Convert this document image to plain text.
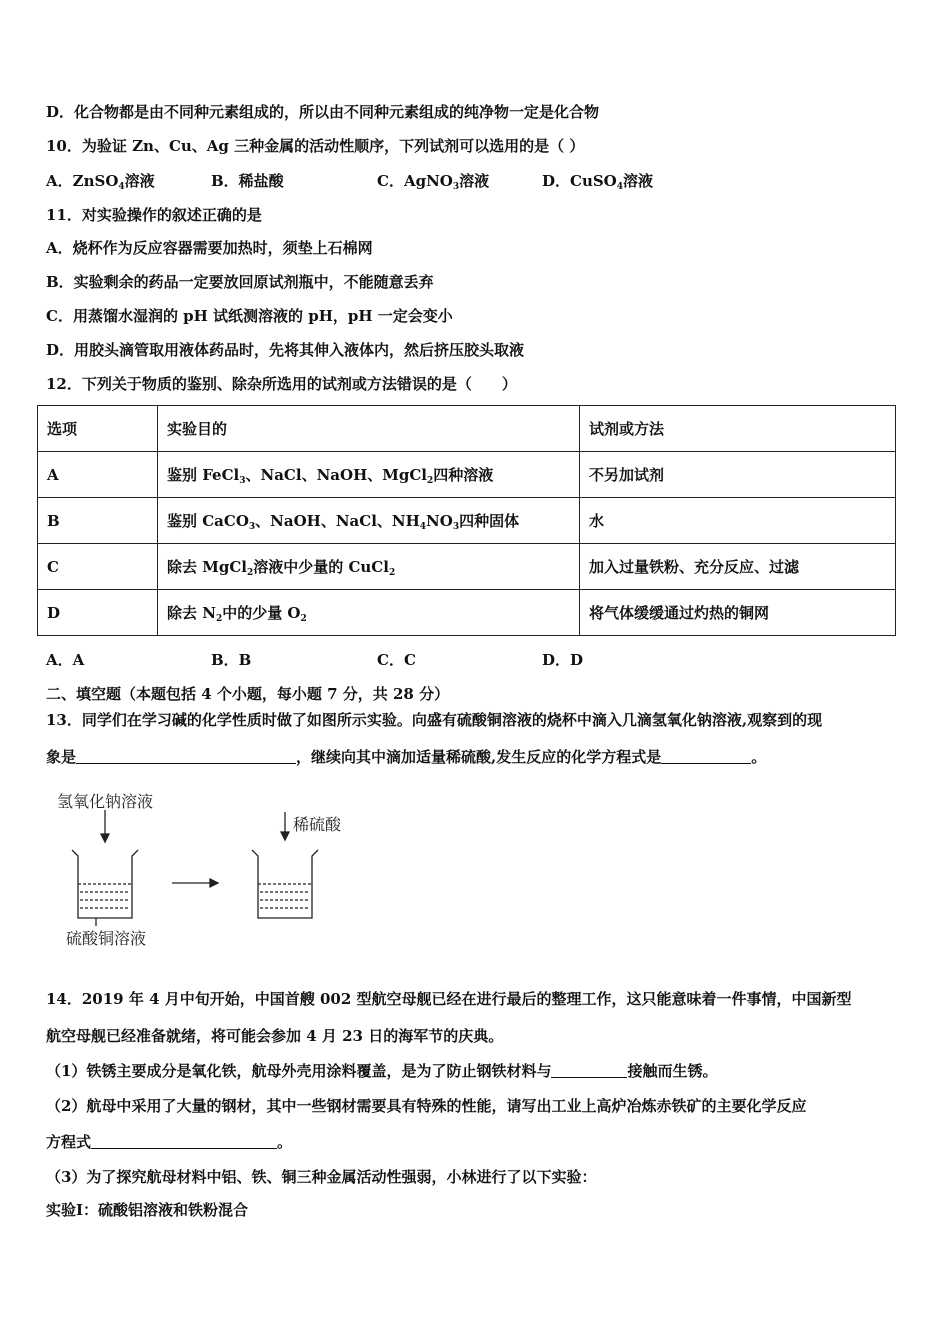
D．化合物都是由不同种元素组成的，所以由不同种元素组成的纯净物一定是化合物
10．为验证 Zn、Cu、Ag 三种金属的活动性顺序，下列试剂可以选用的是（ ）
A．ZnSO$_4$溶液	B．稀盐酸	C．AgNO$_3$溶液	D．CuSO$_4$溶液
11．对实验操作的叙述正确的是
A．烧杯作为反应容器需要加热时，须垫上石棉网
B．实验剩余的药品一定要放回原试剂瓶中，不能随意丢弃
C．用蒸馏水湿润的 pH 试纸测溶液的 pH，pH 一定会变小
D．用胶头滴管取用液体药品时，先将其伸入液体内，然后挤压胶头取液
12．下列关于物质的鉴别、除杂所选用的试剂或方法错误的是（　　）
选项	实验目的	试剂或方法
A	鉴别 FeCl$_3$、NaCl、NaOH、MgCl$_2$四种溶液	不另加试剂
B	鉴别 CaCO$_3$、NaOH、NaCl、$NH_4NO_3$四种固体	水
C	除去 MgCl$_2$溶液中少量的 CuCl$_2$	加入过量铁粉、充分反应、过滤
D	除去 $N_2$中的少量 $O_2$	将气体缓缓通过灼热的铜网
A．A	B．B	C．C	D．D
二、填空题（本题包括 4 个小题，每小题 7 分，共 28 分）
13．同学们在学习碱的化学性质时做了如图所示实验。向盛有硫酸铜溶液的烧杯中滴入几滴氢氧化钠溶液,观察到的现
象是	，继续向其中滴加适量稀硫酸,发生反应的化学方程式是	。
氢氧化钠溶液
稀硫酸
硫酸铜溶液
14．2019 年 4 月中旬开始，中国首艘 002 型航空母舰已经在进行最后的整理工作，这只能意味着一件事情，中国新型
航空母舰已经准备就绪，将可能会参加 4 月 23 日的海军节的庆典。
（1）铁锈主要成分是氧化铁，航母外壳用涂料覆盖，是为了防止钢铁材料与	接触而生锈。
（2）航母中采用了大量的钢材，其中一些钢材需要具有特殊的性能，请写出工业上高炉冶炼赤铁矿的主要化学反应
方程式	。
（3）为了探究航母材料中铝、铁、铜三种金属活动性强弱，小林进行了以下实验：
实验Ⅰ：硫酸铝溶液和铁粉混合
